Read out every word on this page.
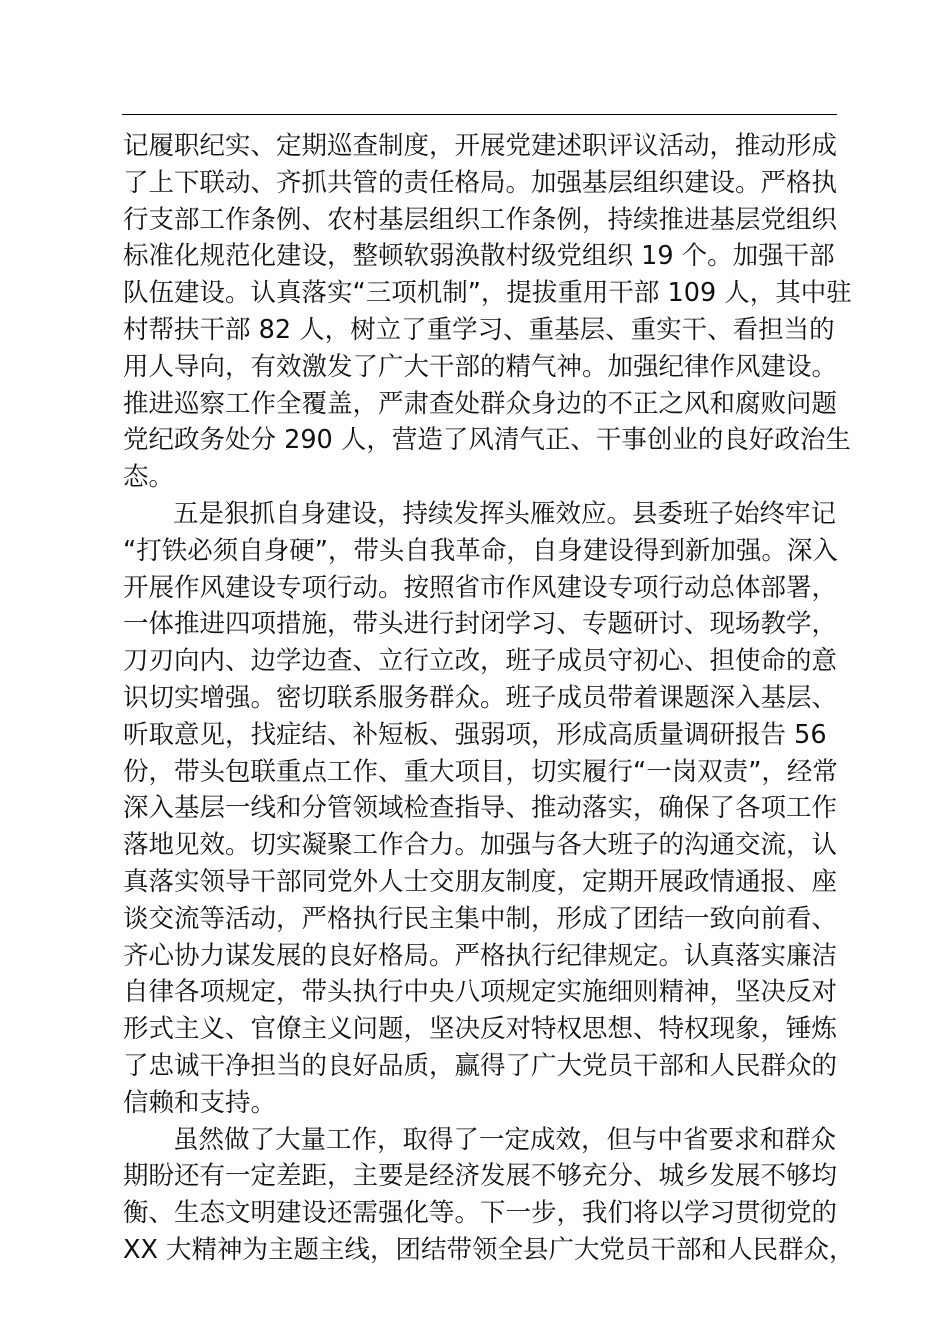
记履职纪实、定期巡查制度，开展党建述职评议活动，推动形成
了上下联动、齐抓共管的责任格局。加强基层组织建设。严格执
行支部工作条例、农村基层组织工作条例，持续推进基层党组织
标准化规范化建设，整顿软弱涣散村级党组织 19 个。加强干部
队伍建设。认真落实“三项机制”，提拔重用干部 109 人，其中驻
村帮扶干部 82 人，树立了重学习、重基层、重实干、看担当的
用人导向，有效激发了广大干部的精气神。加强纪律作风建设。
推进巡察工作全覆盖，严肃查处群众身边的不正之风和腐败问题
党纪政务处分 290 人，营造了风清气正、干事创业的良好政治生
态。
五是狠抓自身建设，持续发挥头雁效应。县委班子始终牢记
“打铁必须自身硬”，带头自我革命，自身建设得到新加强。深入
开展作风建设专项行动。按照省市作风建设专项行动总体部署，
一体推进四项措施，带头进行封闭学习、专题研讨、现场教学，
刀刃向内、边学边查、立行立改，班子成员守初心、担使命的意
识切实增强。密切联系服务群众。班子成员带着课题深入基层、
听取意见，找症结、补短板、强弱项，形成高质量调研报告 56
份，带头包联重点工作、重大项目，切实履行“一岗双责”，经常
深入基层一线和分管领域检查指导、推动落实，确保了各项工作
落地见效。切实凝聚工作合力。加强与各大班子的沟通交流，认
真落实领导干部同党外人士交朋友制度，定期开展政情通报、座
谈交流等活动，严格执行民主集中制，形成了团结一致向前看、
齐心协力谋发展的良好格局。严格执行纪律规定。认真落实廉洁
自律各项规定，带头执行中央八项规定实施细则精神，坚决反对
形式主义、官僚主义问题，坚决反对特权思想、特权现象，锤炼
了忠诚干净担当的良好品质，赢得了广大党员干部和人民群众的
信赖和支持。
虽然做了大量工作，取得了一定成效，但与中省要求和群众
期盼还有一定差距，主要是经济发展不够充分、城乡发展不够均
衡、生态文明建设还需强化等。下一步，我们将以学习贯彻党的
XX 大精神为主题主线，团结带领全县广大党员干部和人民群众，
